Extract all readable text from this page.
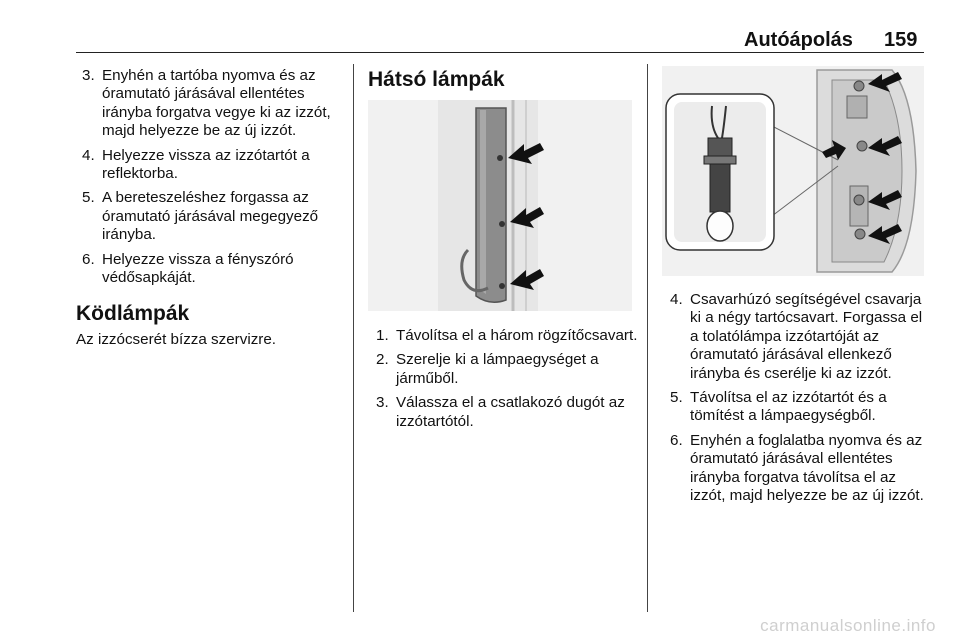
Autóápolás 159
3. Enyhén a tartóba nyomva és az óramutató járásával ellentétes irányba forgatva vegye ki az izzót, majd helyezze be az új izzót.
4. Helyezze vissza az izzótartót a reflektorba.
5. A bereteszeléshez forgassa az óramutató járásával megegyező irányba.
6. Helyezze vissza a fényszóró védősapkáját.
Ködlámpák

Az izzócserét bízza szervizre.

Hátsó lámpák
1. Távolítsa el a három rögzítőcsavart.
2. Szerelje ki a lámpaegységet a járműből.
3. Válassza el a csatlakozó dugót az izzótartótól.
4. Csavarhúzó segítségével csavarja ki a négy tartócsavart. Forgassa el a tolatólámpa izzótartóját az óramutató járásával ellenkező irányba és cserélje ki az izzót.
5. Távolítsa el az izzótartót és a tömítést a lámpaegységből.
6. Enyhén a foglalatba nyomva és az óramutató járásával ellentétes irányba forgatva távolítsa el az izzót, majd helyezze be az új izzót.
carmanualsonline.info
